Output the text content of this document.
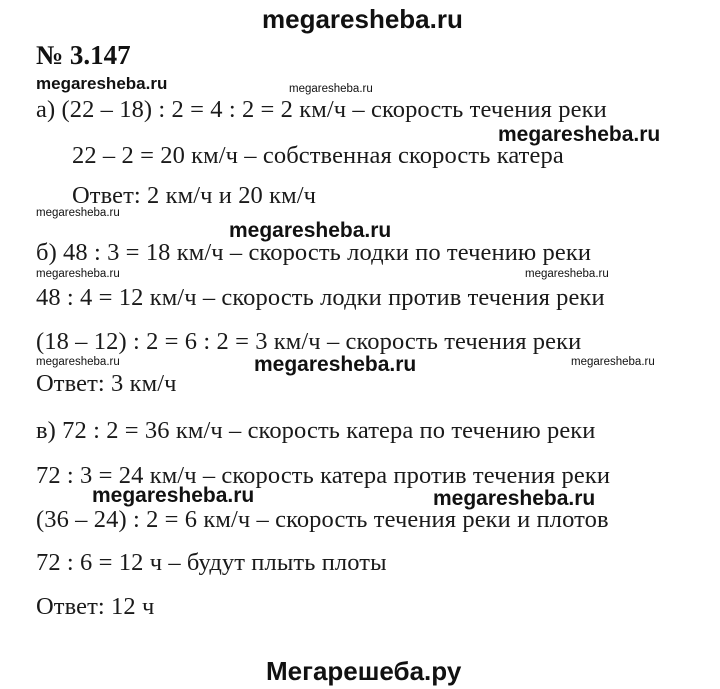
megaresheba.ru
№ 3.147
megaresheba.ru	megaresheba.ru
а) (22 – 18) : 2 = 4 : 2 = 2 км/ч – скорость течения реки
megaresheba.ru
22 – 2 = 20 км/ч – собственная скорость катера
Ответ: 2 км/ч и 20 км/ч
megaresheba.ru
megaresheba.ru
б) 48 : 3 = 18 км/ч – скорость лодки по течению реки
megaresheba.ru	megaresheba.ru
48 : 4 = 12 км/ч – скорость лодки против течения реки
(18 – 12) : 2 = 6 : 2 = 3 км/ч – скорость течения реки
megaresheba.ru	megaresheba.ru	megaresheba.ru
Ответ: 3 км/ч
в) 72 : 2 = 36 км/ч – скорость катера по течению реки
72 : 3 = 24 км/ч – скорость катера против течения реки
megaresheba.ru	megaresheba.ru
(36 – 24) : 2 = 6 км/ч – скорость течения реки и плотов
72 : 6 = 12 ч – будут плыть плоты
Ответ: 12 ч
Мегарешеба.ру
